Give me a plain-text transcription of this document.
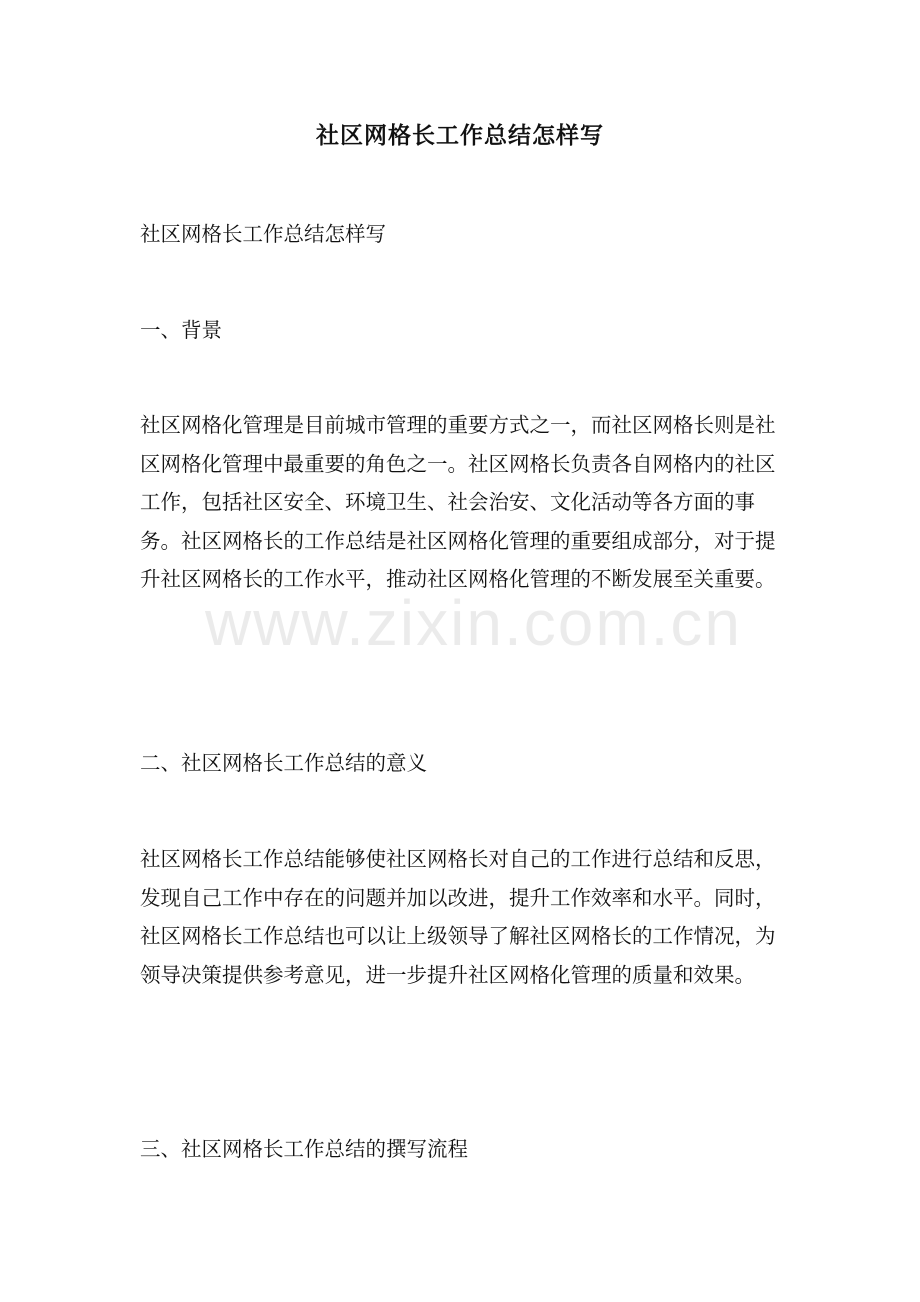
社区网格长工作总结怎样写
社区网格长工作总结怎样写
一、背景
社区网格化管理是目前城市管理的重要方式之一，而社区网格长则是社区网格化管理中最重要的角色之一。社区网格长负责各自网格内的社区工作，包括社区安全、环境卫生、社会治安、文化活动等各方面的事务。社区网格长的工作总结是社区网格化管理的重要组成部分，对于提升社区网格长的工作水平，推动社区网格化管理的不断发展至关重要。
二、社区网格长工作总结的意义
社区网格长工作总结能够使社区网格长对自己的工作进行总结和反思，发现自己工作中存在的问题并加以改进，提升工作效率和水平。同时，社区网格长工作总结也可以让上级领导了解社区网格长的工作情况，为领导决策提供参考意见，进一步提升社区网格化管理的质量和效果。
三、社区网格长工作总结的撰写流程
www.zixin.com.cn
